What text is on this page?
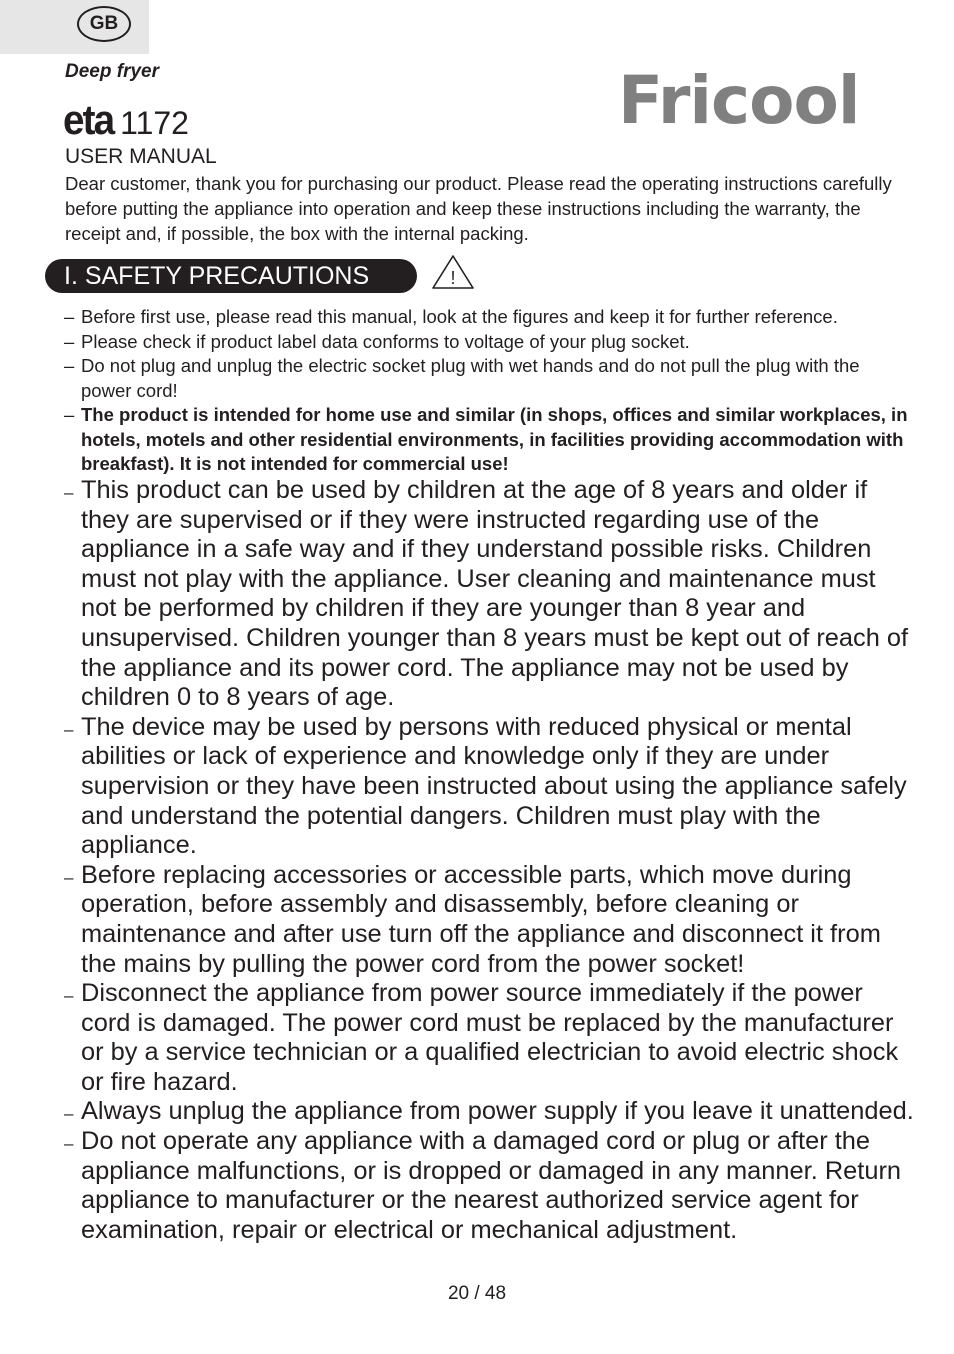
GB
Deep fryer
eta 1172	Fricool
USER MANUAL
Dear customer, thank you for purchasing our product. Please read the operating instructions carefully before putting the appliance into operation and keep these instructions including the warranty, the receipt and, if possible, the box with the internal packing.
I. SAFETY PRECAUTIONS	!
– Before first use, please read this manual, look at the figures and keep it for further reference.
– Please check if product label data conforms to voltage of your plug socket.
– Do not plug and unplug the electric socket plug with wet hands and do not pull the plug with the power cord!
– The product is intended for home use and similar (in shops, offices and similar workplaces, in hotels, motels and other residential environments, in facilities providing accommodation with breakfast). It is not intended for commercial use!
– This product can be used by children at the age of 8 years and older if they are supervised or if they were instructed regarding use of the appliance in a safe way and if they understand possible risks. Children must not play with the appliance. User cleaning and maintenance must not be performed by children if they are younger than 8 year and unsupervised. Children younger than 8 years must be kept out of reach of the appliance and its power cord. The appliance may not be used by children 0 to 8 years of age.
– The device may be used by persons with reduced physical or mental abilities or lack of experience and knowledge only if they are under supervision or they have been instructed about using the appliance safely and understand the potential dangers. Children must play with the appliance.
– Before replacing accessories or accessible parts, which move during operation, before assembly and disassembly, before cleaning or maintenance and after use turn off the appliance and disconnect it from the mains by pulling the power cord from the power socket!
– Disconnect the appliance from power source immediately if the power cord is damaged. The power cord must be replaced by the manufacturer or by a service technician or a qualified electrician to avoid electric shock or fire hazard.
– Always unplug the appliance from power supply if you leave it unattended.
– Do not operate any appliance with a damaged cord or plug or after the appliance malfunctions, or is dropped or damaged in any manner. Return appliance to manufacturer or the nearest authorized service agent for examination, repair or electrical or mechanical adjustment.
20 / 48
